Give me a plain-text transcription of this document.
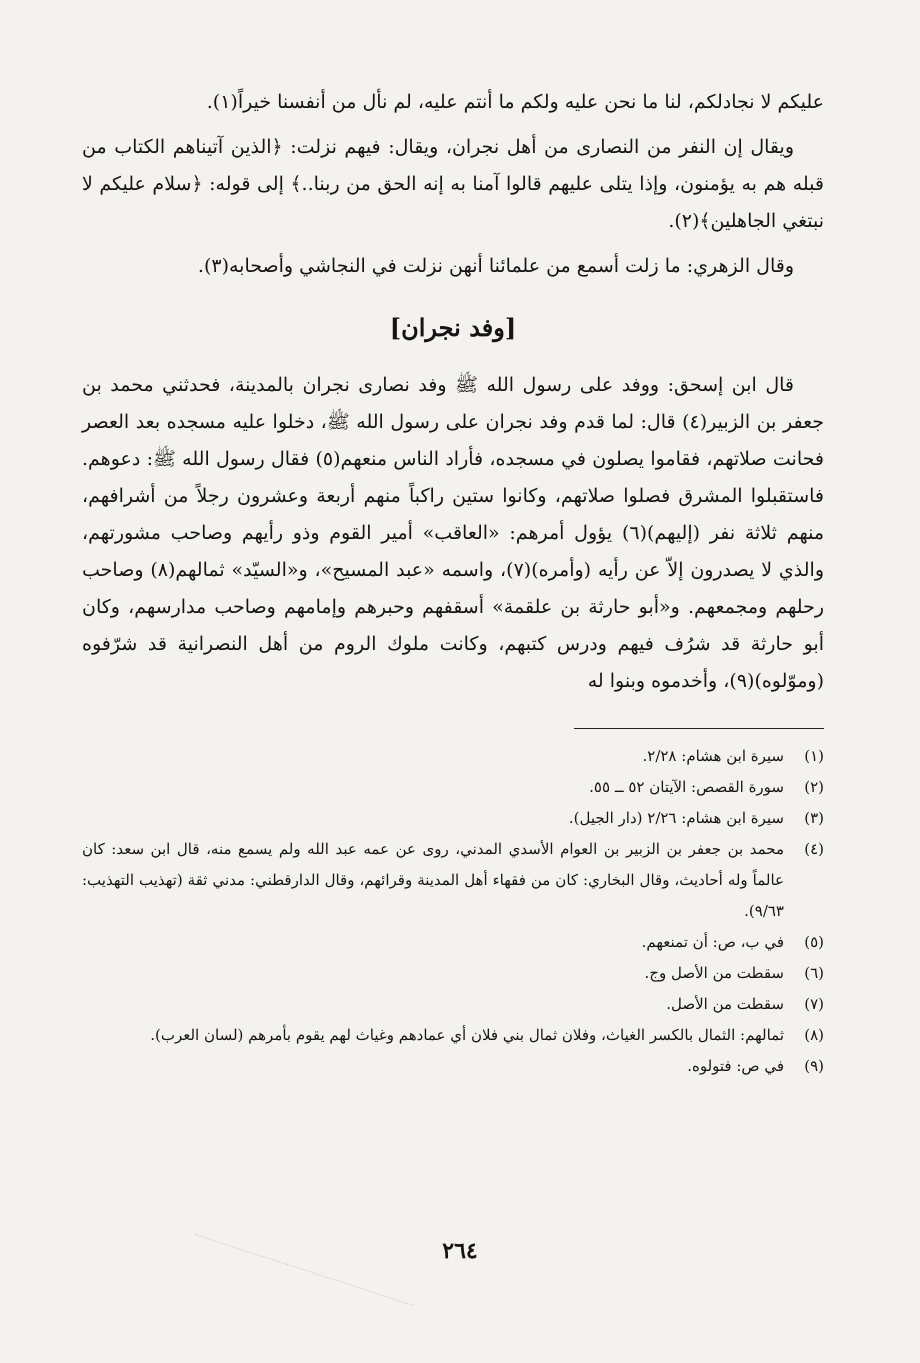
عليكم لا نجادلكم، لنا ما نحن عليه ولكم ما أنتم عليه، لم نأل من أنفسنا خيراً(١).

ويقال إن النفر من النصارى من أهل نجران، ويقال: فيهم نزلت: ﴿الذين آتيناهم الكتاب من قبله هم به يؤمنون، وإذا يتلى عليهم قالوا آمنا به إنه الحق من ربنا..﴾ إلى قوله: ﴿سلام عليكم لا نبتغي الجاهلين﴾(٢).

وقال الزهري: ما زلت أسمع من علمائنا أنهن نزلت في النجاشي وأصحابه(٣).

[وفد نجران]

قال ابن إسحق: ووفد على رسول الله ﷺ وفد نصارى نجران بالمدينة، فحدثني محمد بن جعفر بن الزبير(٤) قال: لما قدم وفد نجران على رسول الله ﷺ، دخلوا عليه مسجده بعد العصر فحانت صلاتهم، فقاموا يصلون في مسجده، فأراد الناس منعهم(٥) فقال رسول الله ﷺ: دعوهم. فاستقبلوا المشرق فصلوا صلاتهم، وكانوا ستين راكباً منهم أربعة وعشرون رجلاً من أشرافهم، منهم ثلاثة نفر (إليهم)(٦) يؤول أمرهم: «العاقب» أمير القوم وذو رأيهم وصاحب مشورتهم، والذي لا يصدرون إلاّ عن رأيه (وأمره)(٧)، واسمه «عبد المسيح»، و«السيّد» ثمالهم(٨) وصاحب رحلهم ومجمعهم. و«أبو حارثة بن علقمة» أسقفهم وحبرهم وإمامهم وصاحب مدارسهم، وكان أبو حارثة قد شرُف فيهم ودرس كتبهم، وكانت ملوك الروم من أهل النصرانية قد شرّفوه (وموّلوه)(٩)، وأخدموه وبنوا له

(١)
سيرة ابن هشام: ٢/٢٨.
(٢)
سورة القصص: الآيتان ٥٢ ــ ٥٥.
(٣)
سيرة ابن هشام: ٢/٢٦ (دار الجيل).
(٤)
محمد بن جعفر بن الزبير بن العوام الأسدي المدني، روى عن عمه عبد الله ولم يسمع منه، قال ابن سعد: كان عالماً وله أحاديث، وقال البخاري: كان من فقهاء أهل المدينة وقرائهم، وقال الدارقطني: مدني ثقة (تهذيب التهذيب: ٩/٦٣).
(٥)
في ب، ص: أن تمنعهم.
(٦)
سقطت من الأصل وج.
(٧)
سقطت من الأصل.
(٨)
ثمالهم: الثمال بالكسر الغياث، وفلان ثمال بني فلان أي عمادهم وغياث لهم يقوم بأمرهم (لسان العرب).
(٩)
في ص: فتولوه.
٢٦٤
